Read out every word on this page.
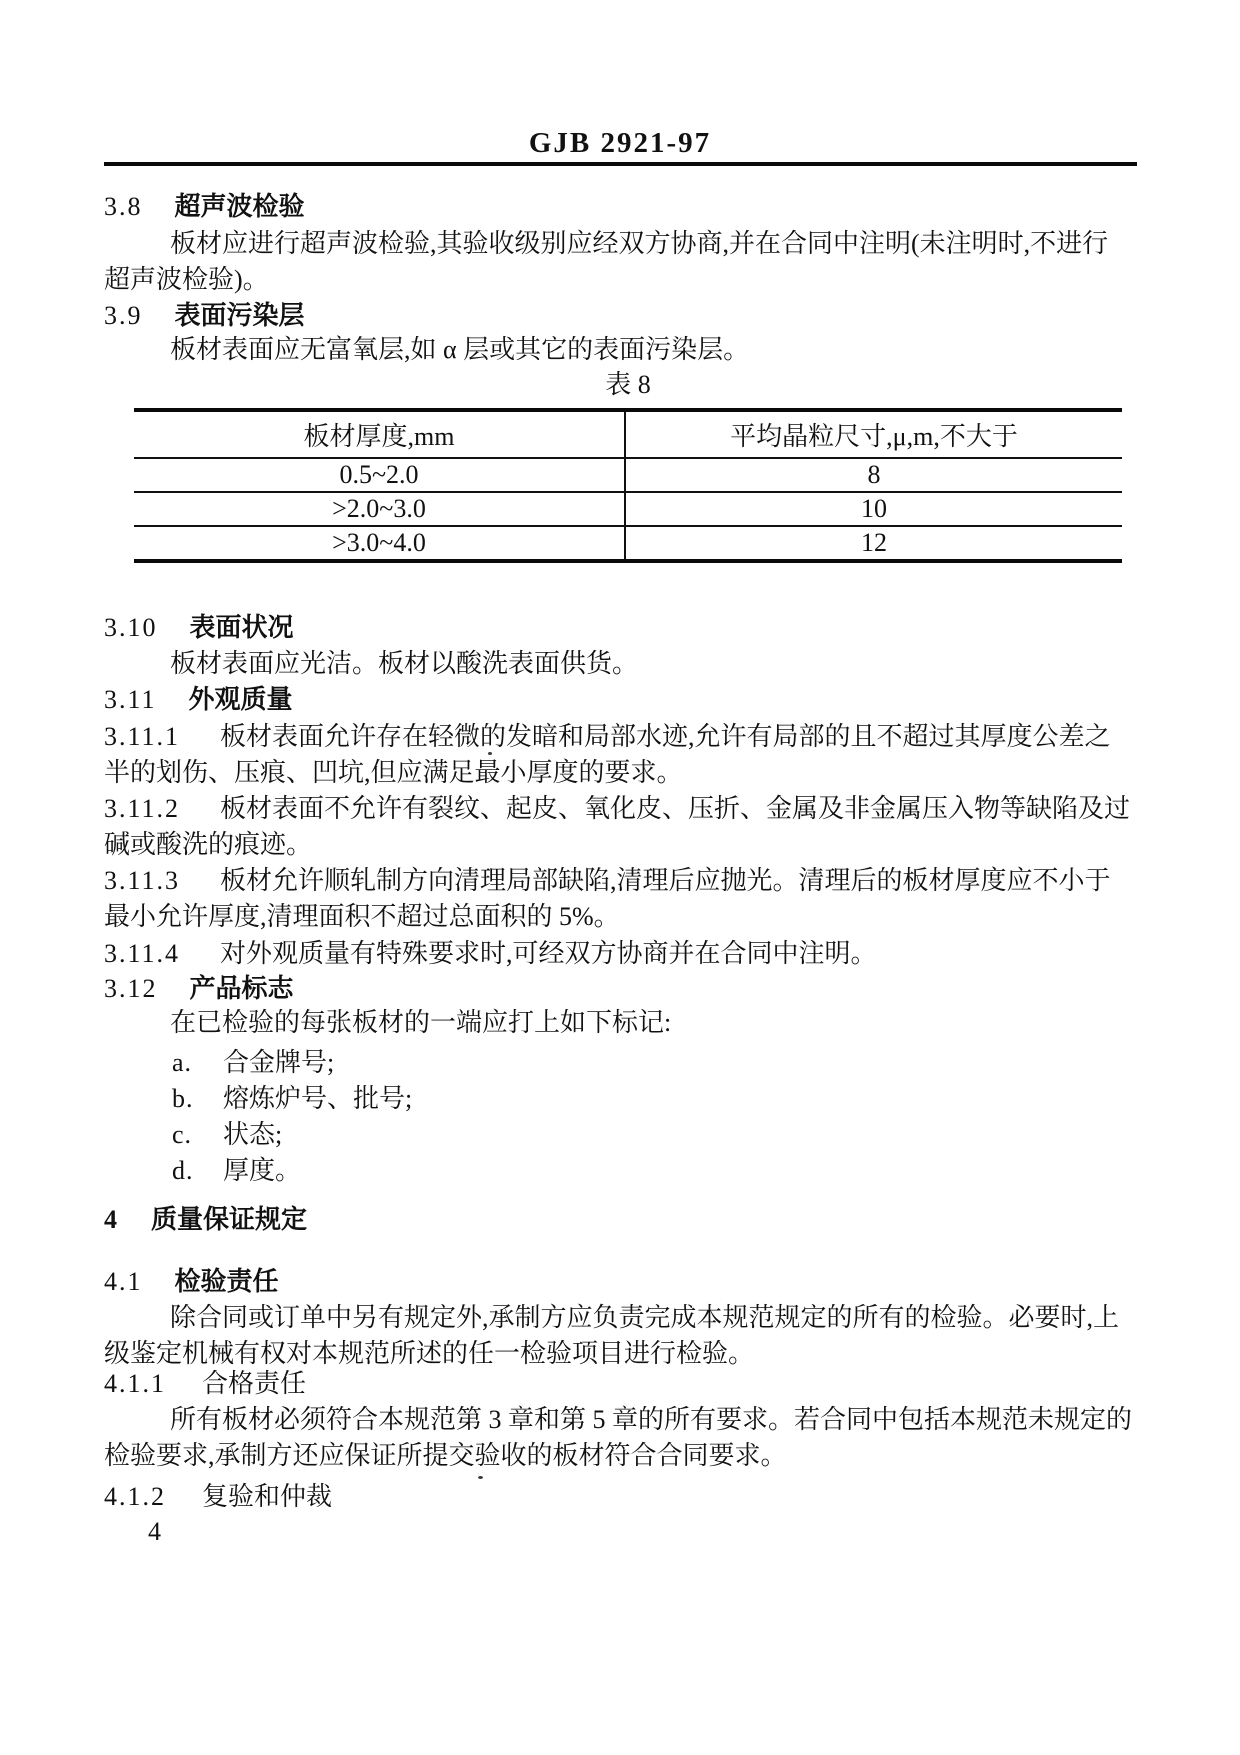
GJB 2921-97
3.8 超声波检验
板材应进行超声波检验,其验收级别应经双方协商,并在合同中注明(未注明时,不进行超声波检验)。
3.9 表面污染层
板材表面应无富氧层,如 α 层或其它的表面污染层。
表 8
板材厚度,mm	平均晶粒尺寸,μ,m,不大于
0.5~2.0	8
>2.0~3.0	10
>3.0~4.0	12
3.10 表面状况
板材表面应光洁。板材以酸洗表面供货。
3.11 外观质量
3.11.1 板材表面允许存在轻微的发暗和局部水迹,允许有局部的且不超过其厚度公差之半的划伤、压痕、凹坑,但应满足最小厚度的要求。
3.11.2 板材表面不允许有裂纹、起皮、氧化皮、压折、金属及非金属压入物等缺陷及过碱或酸洗的痕迹。
3.11.3 板材允许顺轧制方向清理局部缺陷,清理后应抛光。清理后的板材厚度应不小于最小允许厚度,清理面积不超过总面积的 5%。
3.11.4 对外观质量有特殊要求时,可经双方协商并在合同中注明。
3.12 产品标志
在已检验的每张板材的一端应打上如下标记:
a. 合金牌号;
b. 熔炼炉号、批号;
c. 状态;
d. 厚度。
4 质量保证规定
4.1 检验责任
除合同或订单中另有规定外,承制方应负责完成本规范规定的所有的检验。必要时,上级鉴定机械有权对本规范所述的任一检验项目进行检验。
4.1.1 合格责任
所有板材必须符合本规范第 3 章和第 5 章的所有要求。若合同中包括本规范未规定的检验要求,承制方还应保证所提交验收的板材符合合同要求。
4.1.2 复验和仲裁
4
